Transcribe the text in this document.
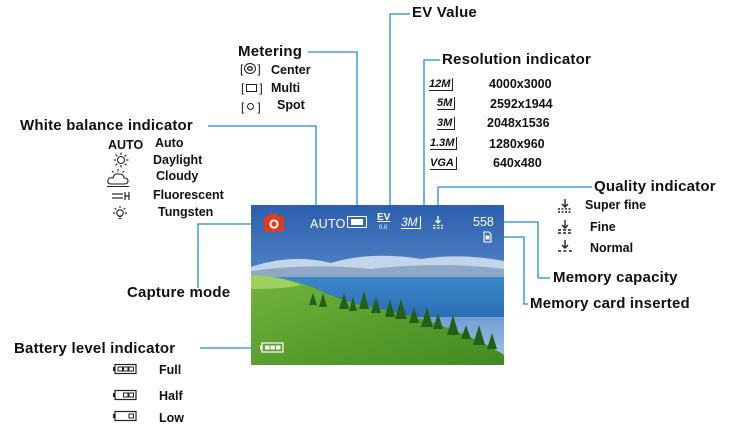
EV Value
Metering	Resolution indicator
White balance indicator
Quality indicator
Memory capacity
Memory card inserted
Capture mode
Battery level indicator
[ ] Center
[ ] Multi
[ ] Spot
AUTO Auto
Daylight
Cloudy
Fluorescent
Tungsten
12M	4000x3000
5M	2592x1944
3M	2048x1536
1.3M	1280x960
VGA	640x480
Super fine
Fine
Normal
Full
Half
Low
AUTO	EV
0.0 3M	558
